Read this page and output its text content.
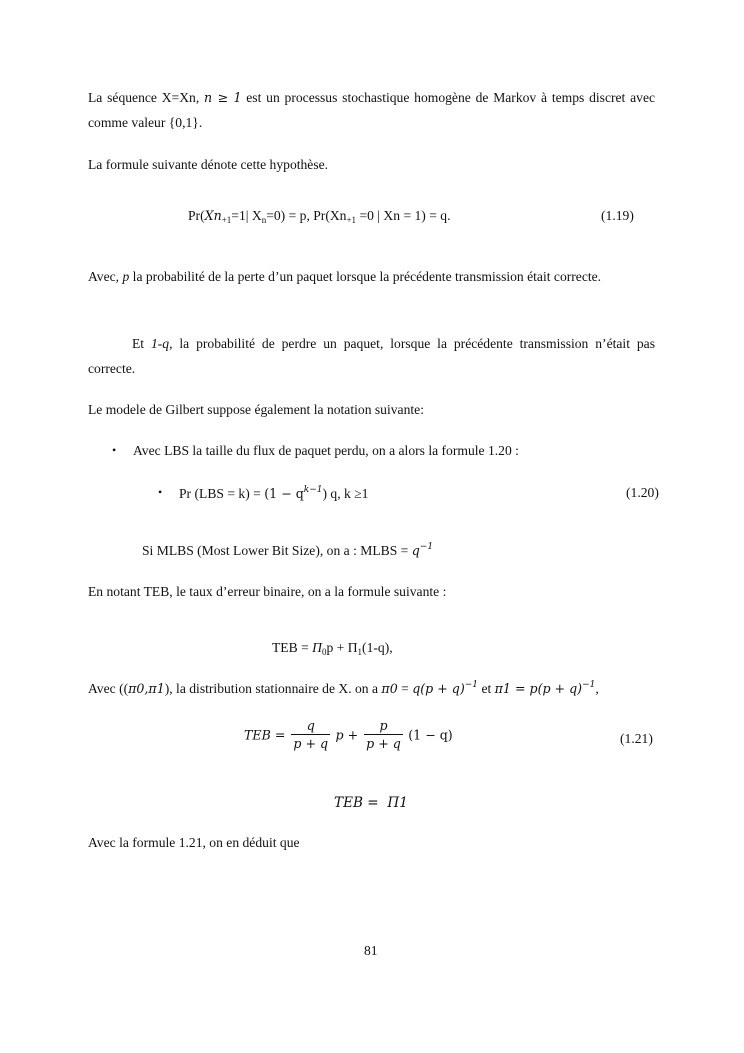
La séquence X=Xn, n ≥ 1 est un processus stochastique homogène de Markov à temps discret avec comme valeur {0,1}.
La formule suivante dénote cette hypothèse.
$Pr(Xn_{+1}=1|$ $X_n=0) = p$, $Pr(Xn_{+1} =0$ | Xn = 1) = q.	(1.19)
Avec, p la probabilité de la perte d’un paquet lorsque la précédente transmission était correcte.
Et 1-q, la probabilité de perdre un paquet, lorsque la précédente transmission n’était pas correcte.
Le modele de Gilbert suppose également la notation suivante:
• Avec LBS la taille du flux de paquet perdu, on a alors la formule 1.20 :
• Pr $(LBS = k) = (1 - q^{k-1})$ q, k ≥1	(1.20)
Si MLBS (Most Lower Bit Size), on a : MLBS = $q^{-1}$
En notant TEB, le taux d’erreur binaire, on a la formule suivante :
TEB = $\Pi_0p + \Pi_1(1-q)$,
Avec ((π0,π1), la distribution stationnaire de X. on a $\pi 0 = q(p + q)^{-1}$ et $\pi 1 = p(p + q)^{-1}$,
TEB = $\frac{q}{p + q}$ $p + \frac{p}{p + q} (1 - q)$	(1.21)
TEB =  Π1
Avec la formule 1.21, on en déduit que
81
